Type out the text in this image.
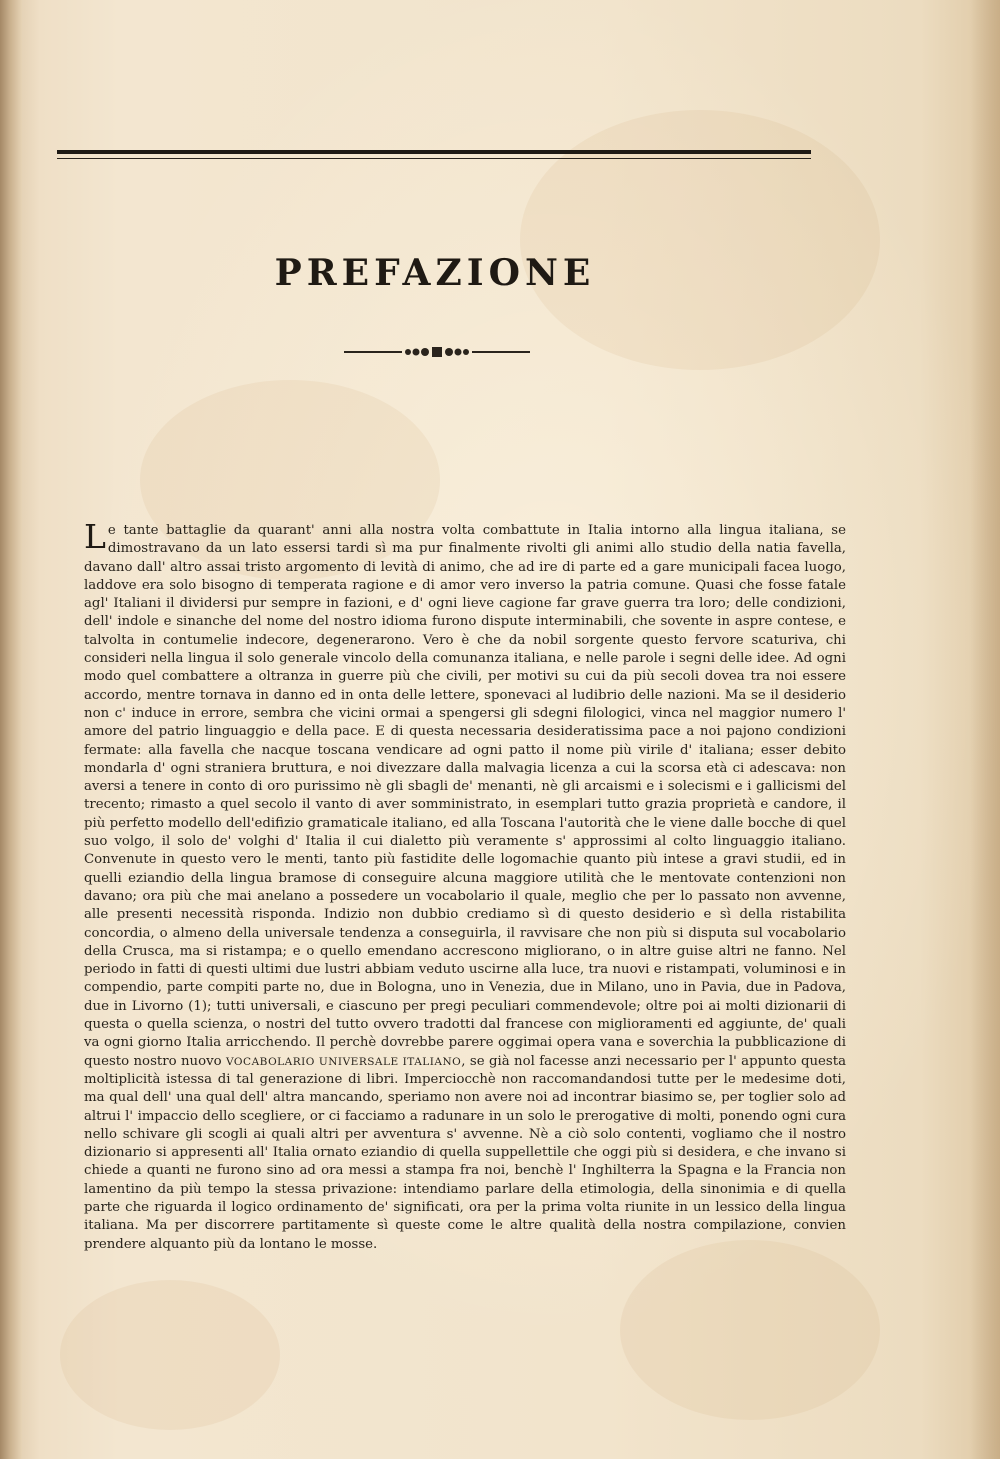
PREFAZIONE

Le tante battaglie da quarant' anni alla nostra volta combattute in Italia intorno alla lingua italiana, se dimostravano da un lato essersi tardi sì ma pur finalmente rivolti gli animi allo studio della natia favella, davano dall' altro assai tristo argomento di levità di animo, che ad ire di parte ed a gare municipali facea luogo, laddove era solo bisogno di temperata ragione e di amor vero inverso la patria comune. Quasi che fosse fatale agl' Italiani il dividersi pur sempre in fazioni, e d' ogni lieve cagione far grave guerra tra loro; delle condizioni, dell' indole e sinanche del nome del nostro idioma furono dispute interminabili, che sovente in aspre contese, e talvolta in contumelie indecore, degenerarono. Vero è che da nobil sorgente questo fervore scaturiva, chi consideri nella lingua il solo generale vincolo della comunanza italiana, e nelle parole i segni delle idee. Ad ogni modo quel combattere a oltranza in guerre più che civili, per motivi su cui da più secoli dovea tra noi essere accordo, mentre tornava in danno ed in onta delle lettere, sponevaci al ludibrio delle nazioni. Ma se il desiderio non c' induce in errore, sembra che vicini ormai a spengersi gli sdegni filologici, vinca nel maggior numero l' amore del patrio linguaggio e della pace. E di questa necessaria desideratissima pace a noi pajono condizioni fermate: alla favella che nacque toscana vendicare ad ogni patto il nome più virile d' italiana; esser debito mondarla d' ogni straniera bruttura, e noi divezzare dalla malvagia licenza a cui la scorsa età ci adescava: non aversi a tenere in conto di oro purissimo nè gli sbagli de' menanti, nè gli arcaismi e i solecismi e i gallicismi del trecento; rimasto a quel secolo il vanto di aver somministrato, in esemplari tutto grazia proprietà e candore, il più perfetto modello dell'edifizio gramaticale italiano, ed alla Toscana l'autorità che le viene dalle bocche di quel suo volgo, il solo de' volghi d' Italia il cui dialetto più veramente s' approssimi al colto linguaggio italiano. Convenute in questo vero le menti, tanto più fastidite delle logomachie quanto più intese a gravi studii, ed in quelli eziandio della lingua bramose di conseguire alcuna maggiore utilità che le mentovate contenzioni non davano; ora più che mai anelano a possedere un vocabolario il quale, meglio che per lo passato non avvenne, alle presenti necessità risponda. Indizio non dubbio crediamo sì di questo desiderio e sì della ristabilita concordia, o almeno della universale tendenza a conseguirla, il ravvisare che non più si disputa sul vocabolario della Crusca, ma si ristampa; e o quello emendano accrescono migliorano, o in altre guise altri ne fanno. Nel periodo in fatti di questi ultimi due lustri abbiam veduto uscirne alla luce, tra nuovi e ristampati, voluminosi e in compendio, parte compiti parte no, due in Bologna, uno in Venezia, due in Milano, uno in Pavia, due in Padova, due in Livorno (1); tutti universali, e ciascuno per pregi peculiari commendevole; oltre poi ai molti dizionarii di questa o quella scienza, o nostri del tutto ovvero tradotti dal francese con miglioramenti ed aggiunte, de' quali va ogni giorno Italia arricchendo. Il perchè dovrebbe parere oggimai opera vana e soverchia la pubblicazione di questo nostro nuovo VOCABOLARIO UNIVERSALE ITALIANO, se già nol facesse anzi necessario per l' appunto questa moltiplicità istessa di tal generazione di libri. Imperciocchè non raccomandandosi tutte per le medesime doti, ma qual dell' una qual dell' altra mancando, speriamo non avere noi ad incontrar biasimo se, per toglier solo ad altrui l' impaccio dello scegliere, or ci facciamo a radunare in un solo le prerogative di molti, ponendo ogni cura nello schivare gli scogli ai quali altri per avventura s' avvenne. Nè a ciò solo contenti, vogliamo che il nostro dizionario si appresenti all' Italia ornato eziandio di quella suppellettile che oggi più si desidera, e che invano si chiede a quanti ne furono sino ad ora messi a stampa fra noi, benchè l' Inghilterra la Spagna e la Francia non lamentino da più tempo la stessa privazione: intendiamo parlare della etimologia, della sinonimia e di quella parte che riguarda il logico ordinamento de' significati, ora per la prima volta riunite in un lessico della lingua italiana. Ma per discorrere partitamente sì queste come le altre qualità della nostra compilazione, convien prendere alquanto più da lontano le mosse.
